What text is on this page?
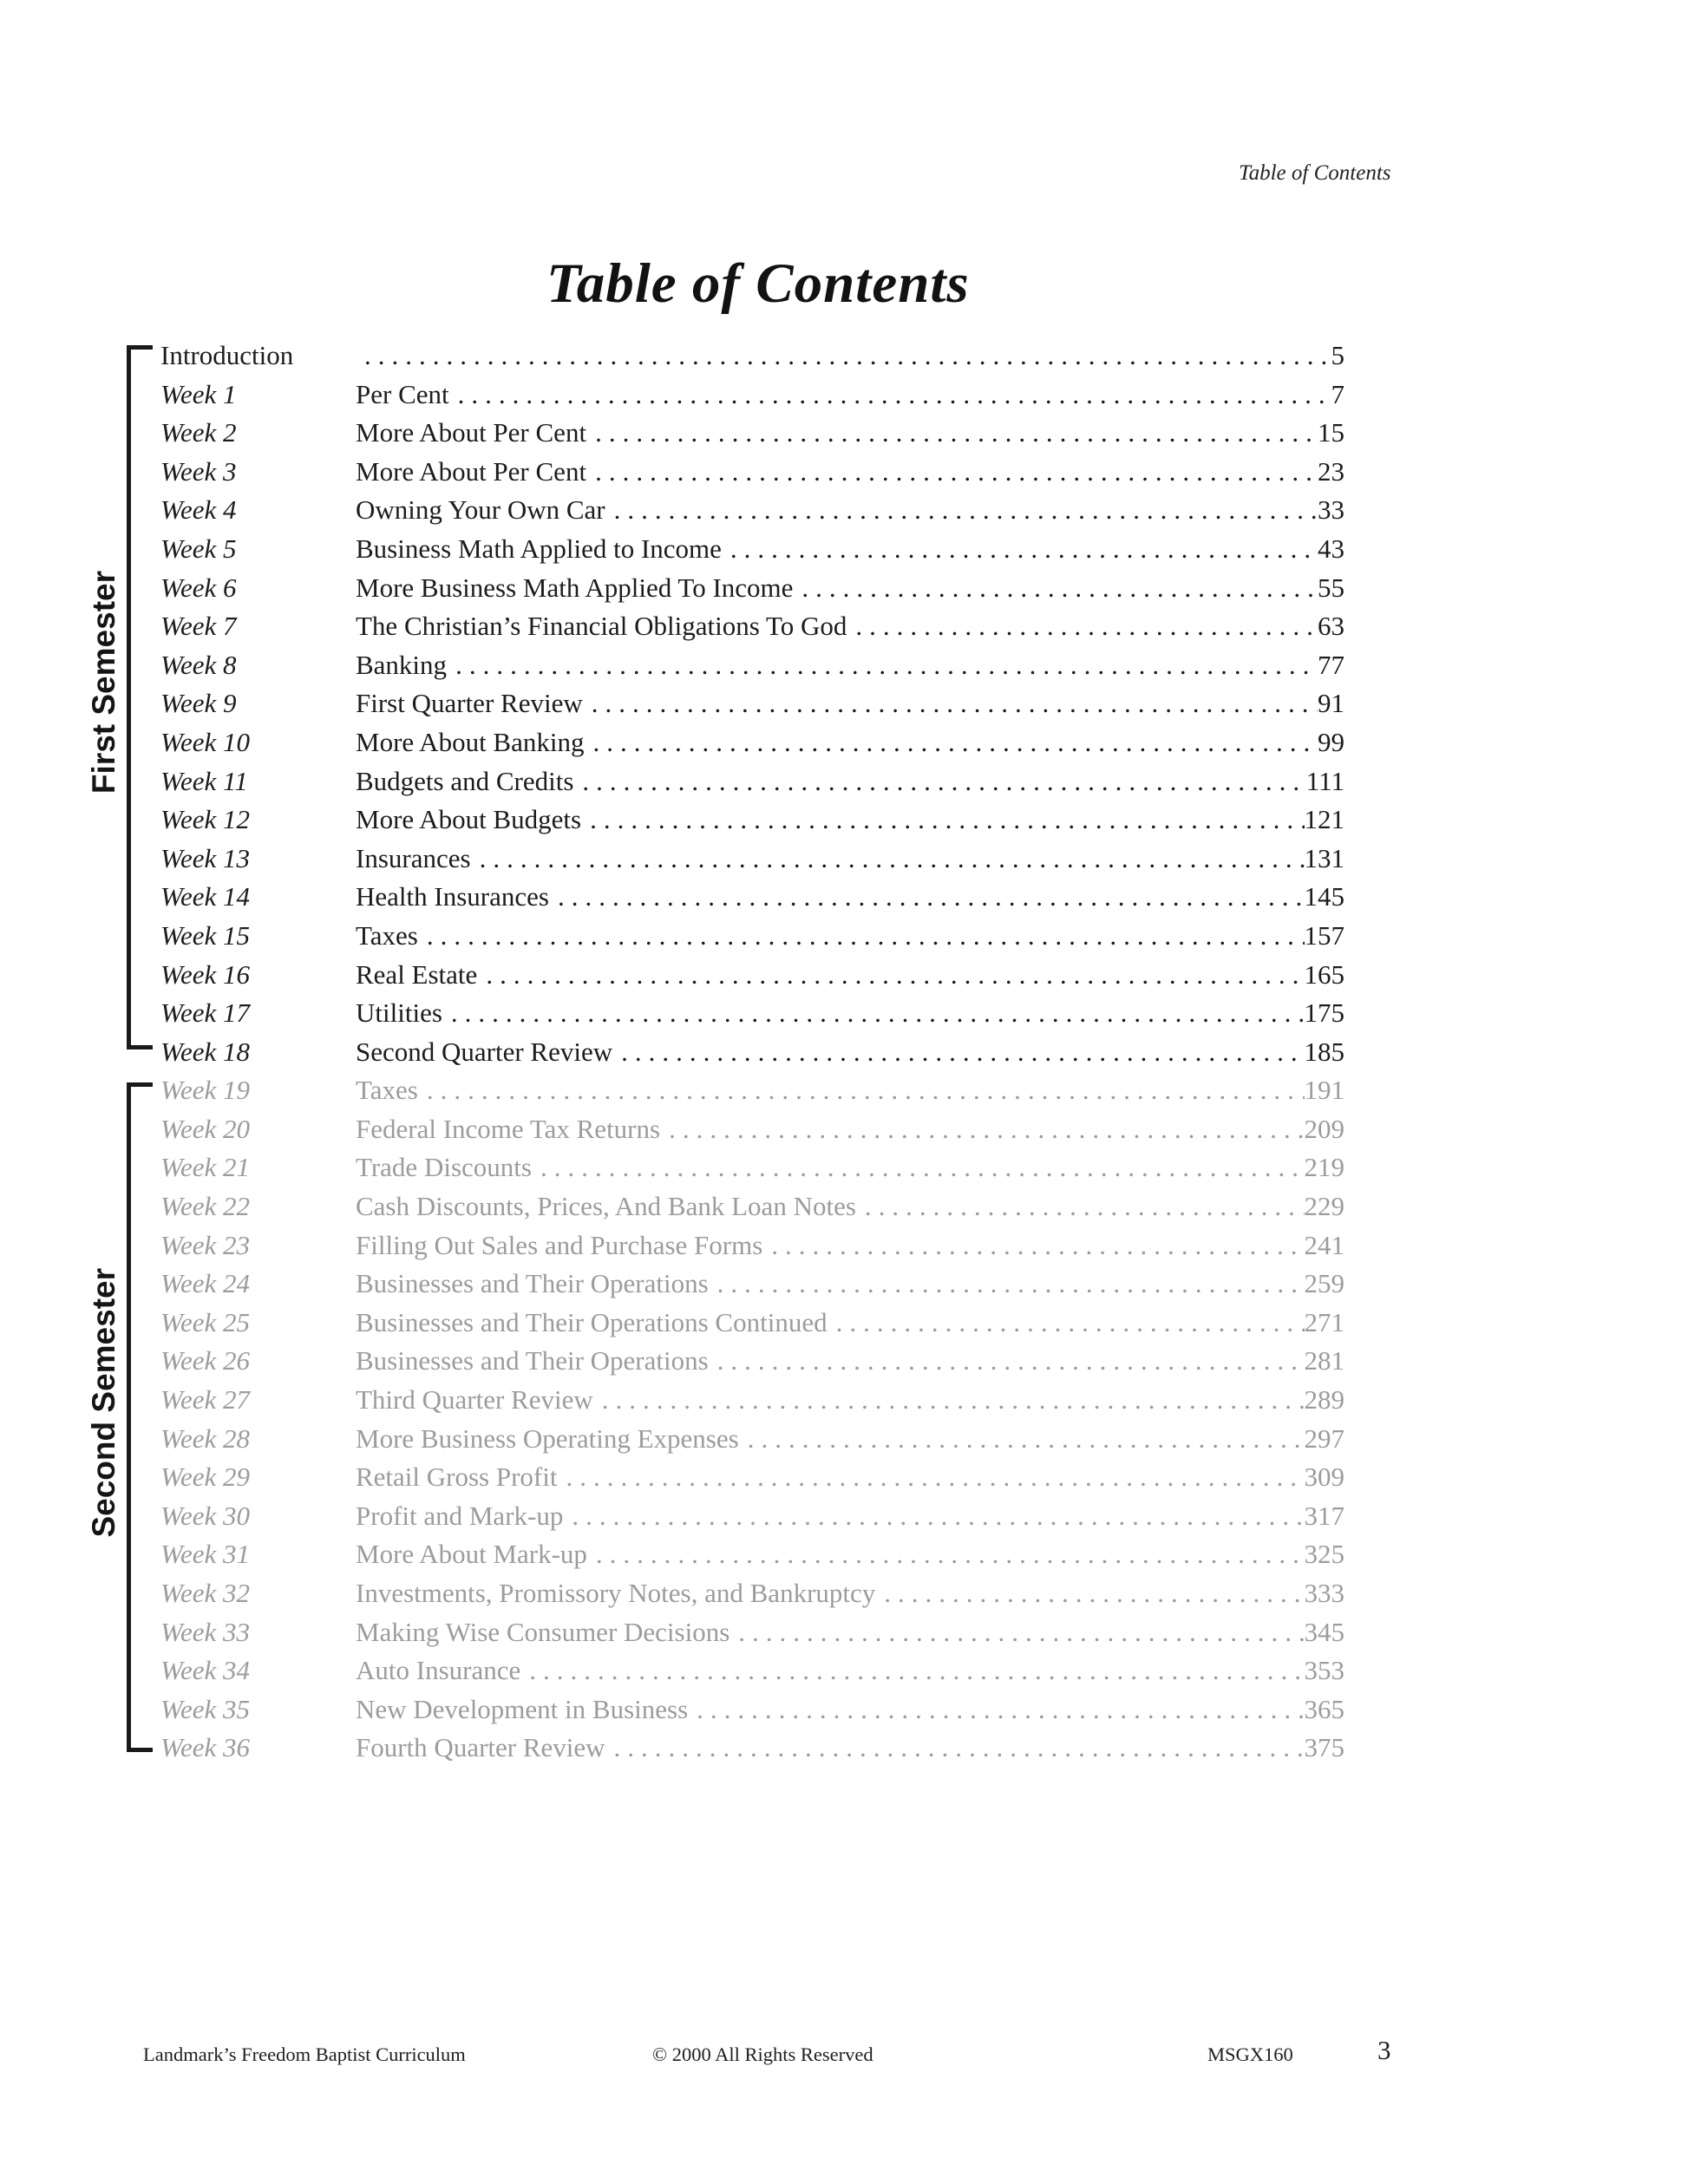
Table of Contents
Table of Contents
First Semester
Second Semester
Introduction .....	5
Week 1	Per Cent .....	7
Week 2	More About Per Cent .....	15
Week 3	More About Per Cent .....	23
Week 4	Owning Your Own Car .....	33
Week 5	Business Math Applied to Income .....	43
Week 6	More Business Math Applied To Income .....	55
Week 7	The Christian’s Financial Obligations To God .....	63
Week 8	Banking .....	77
Week 9	First Quarter Review .....	91
Week 10	More About Banking .....	99
Week 11	Budgets and Credits .....	111
Week 12	More About Budgets .....	121
Week 13	Insurances .....	131
Week 14	Health Insurances .....	145
Week 15	Taxes .....	157
Week 16	Real Estate .....	165
Week 17	Utilities .....	175
Week 18	Second Quarter Review .....	185
Week 19	Taxes .....	191
Week 20	Federal Income Tax Returns .....	209
Week 21	Trade Discounts .....	219
Week 22	Cash Discounts, Prices, And Bank Loan Notes .....	229
Week 23	Filling Out Sales and Purchase Forms .....	241
Week 24	Businesses and Their Operations .....	259
Week 25	Businesses and Their Operations Continued .....	271
Week 26	Businesses and Their Operations .....	281
Week 27	Third Quarter Review .....	289
Week 28	More Business Operating Expenses .....	297
Week 29	Retail Gross Profit .....	309
Week 30	Profit and Mark-up .....	317
Week 31	More About Mark-up .....	325
Week 32	Investments, Promissory Notes, and Bankruptcy .....	333
Week 33	Making Wise Consumer Decisions .....	345
Week 34	Auto Insurance .....	353
Week 35	New Development in Business .....	365
Week 36	Fourth Quarter Review .....	375
Landmark’s Freedom Baptist Curriculum	© 2000 All Rights Reserved	MSGX160	3
